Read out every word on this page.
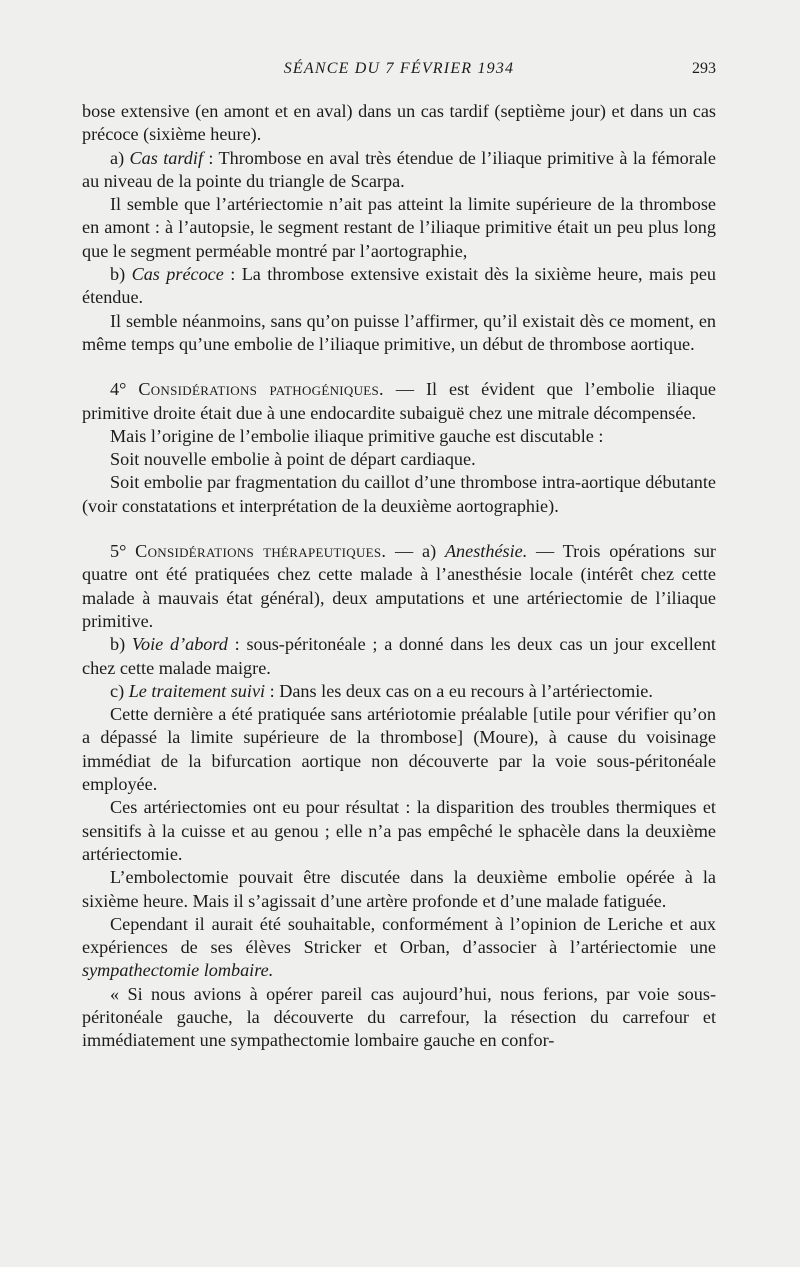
SÉANCE DU 7 FÉVRIER 1934	293

bose extensive (en amont et en aval) dans un cas tardif (septième jour) et dans un cas précoce (sixième heure).

a) Cas tardif : Thrombose en aval très étendue de l’iliaque primitive à la fémorale au niveau de la pointe du triangle de Scarpa.

Il semble que l’artériectomie n’ait pas atteint la limite supérieure de la thrombose en amont : à l’autopsie, le segment restant de l’iliaque primitive était un peu plus long que le segment perméable montré par l’aortographie,

b) Cas précoce : La thrombose extensive existait dès la sixième heure, mais peu étendue.

Il semble néanmoins, sans qu’on puisse l’affirmer, qu’il existait dès ce moment, en même temps qu’une embolie de l’iliaque primitive, un début de thrombose aortique.

4° Considérations pathogéniques. — Il est évident que l’embolie iliaque primitive droite était due à une endocardite subaiguë chez une mitrale décompensée.

Mais l’origine de l’embolie iliaque primitive gauche est discutable :

Soit nouvelle embolie à point de départ cardiaque.

Soit embolie par fragmentation du caillot d’une thrombose intra-aortique débutante (voir constatations et interprétation de la deuxième aortographie).

5° Considérations thérapeutiques. — a) Anesthésie. — Trois opérations sur quatre ont été pratiquées chez cette malade à l’anesthésie locale (intérêt chez cette malade à mauvais état général), deux amputations et une artériectomie de l’iliaque primitive.

b) Voie d’abord : sous-péritonéale ; a donné dans les deux cas un jour excellent chez cette malade maigre.

c) Le traitement suivi : Dans les deux cas on a eu recours à l’artériectomie.

Cette dernière a été pratiquée sans artériotomie préalable [utile pour vérifier qu’on a dépassé la limite supérieure de la thrombose] (Moure), à cause du voisinage immédiat de la bifurcation aortique non découverte par la voie sous-péritonéale employée.

Ces artériectomies ont eu pour résultat : la disparition des troubles thermiques et sensitifs à la cuisse et au genou ; elle n’a pas empêché le sphacèle dans la deuxième artériectomie.

L’embolectomie pouvait être discutée dans la deuxième embolie opérée à la sixième heure. Mais il s’agissait d’une artère profonde et d’une malade fatiguée.

Cependant il aurait été souhaitable, conformément à l’opinion de Leriche et aux expériences de ses élèves Stricker et Orban, d’associer à l’artériectomie une sympathectomie lombaire.

« Si nous avions à opérer pareil cas aujourd’hui, nous ferions, par voie sous-péritonéale gauche, la découverte du carrefour, la résection du carrefour et immédiatement une sympathectomie lombaire gauche en confor-
